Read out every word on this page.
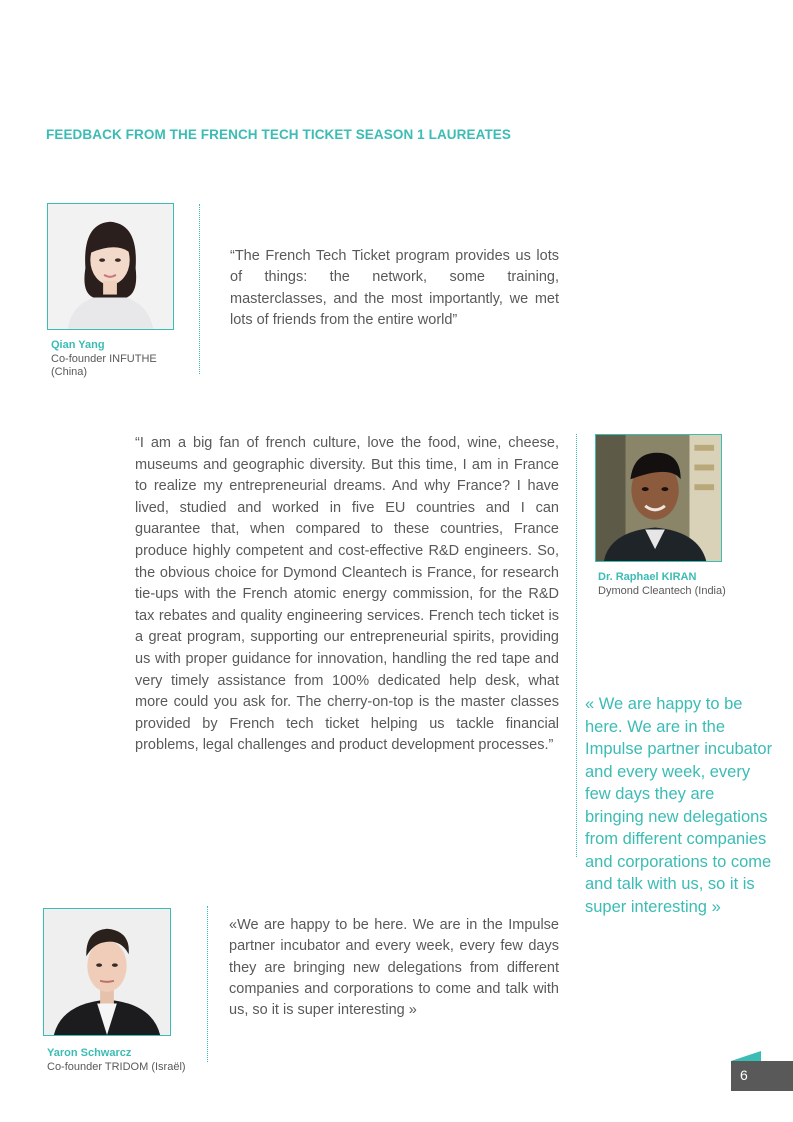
FEEDBACK FROM THE FRENCH TECH TICKET SEASON 1 LAUREATES
Qian Yang
Co-founder INFUTHE
(China)
“The French Tech Ticket program provides us lots of things: the network, some training, masterclasses, and the most importantly, we met lots of friends from the entire world”
“I am a big fan of french culture, love the food, wine, cheese, museums and geographic diversity. But this time, I am in France to realize my entrepreneurial dreams. And why France? I have lived, studied and worked in five EU countries and I can guarantee that, when compared to these countries, France produce highly competent and cost-effective R&D engineers. So, the obvious choice for Dymond Cleantech is France, for research tie-ups with the French atomic energy commission, for the R&D tax rebates and quality engineering services. French tech ticket is a great program, supporting our entrepreneurial spirits, providing us with proper guidance for innovation, handling the red tape and very timely assistance from 100% dedicated help desk, what more could you ask for. The cherry-on-top is the master classes provided by French tech ticket helping us tackle financial problems, legal challenges and product development processes.”
Dr. Raphael KIRAN
Dymond Cleantech (India)
« We are happy to be here. We are in the Impulse partner incubator and every week, every few days they are bringing new delegations from different companies and corporations to come and talk with us, so it is super interesting »
Yaron Schwarcz
Co-founder TRIDOM (Israël)
«We are happy to be here. We are in the Impulse partner incubator and every week, every few days they are bringing new delegations from different companies and corporations to come and talk with us, so it is super interesting »
6
